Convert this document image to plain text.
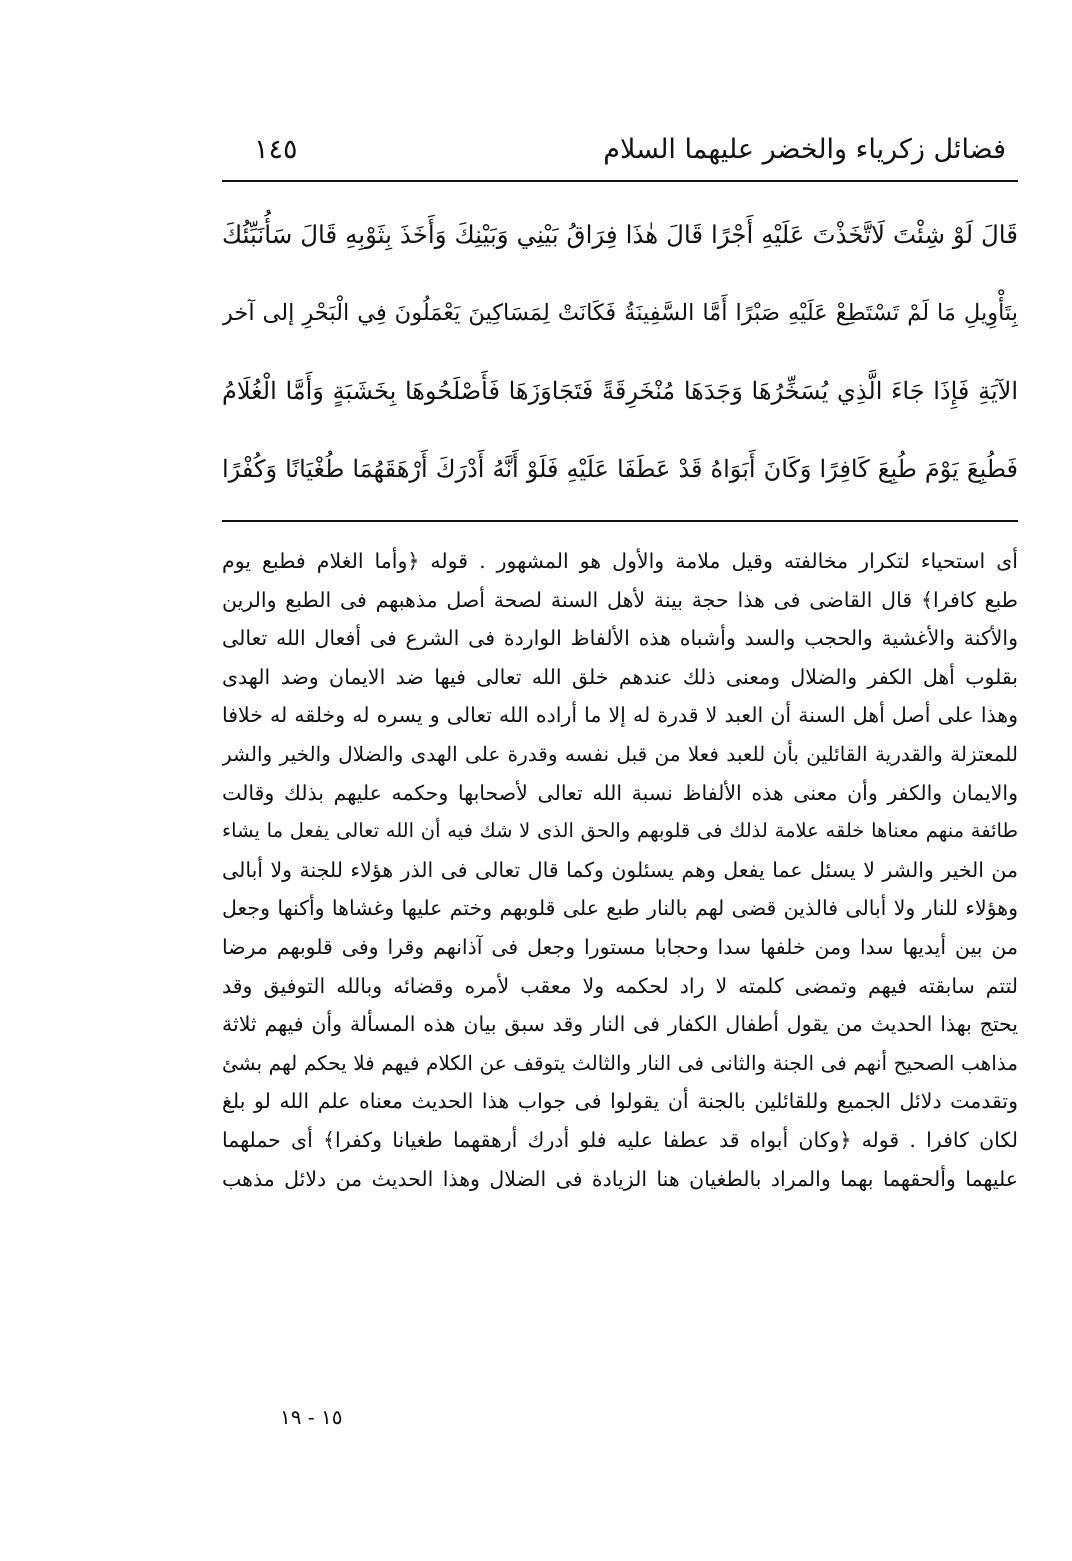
فضائل زكرياء والخضر عليهما السلام
١٤٥
قَالَ لَوْ شِئْتَ لَاتَّخَذْتَ عَلَيْهِ أَجْرًا قَالَ هٰذَا فِرَاقُ بَيْنِي وَبَيْنِكَ وَأَخَذَ بِثَوْبِهِ قَالَ سَأُنَبِّئُكَ
بِتَأْوِيلِ مَا لَمْ تَسْتَطِعْ عَلَيْهِ صَبْرًا أَمَّا السَّفِينَةُ فَكَانَتْ لِمَسَاكِينَ يَعْمَلُونَ فِي الْبَحْرِ إلى آخر
الآيَةِ فَإِذَا جَاءَ الَّذِي يُسَخِّرُهَا وَجَدَهَا مُنْخَرِقَةً فَتَجَاوَزَهَا فَأَصْلَحُوهَا بِخَشَبَةٍ وَأَمَّا الْغُلَامُ
فَطُبِعَ يَوْمَ طُبِعَ كَافِرًا وَكَانَ أَبَوَاهُ قَدْ عَطَفَا عَلَيْهِ فَلَوْ أَنَّهُ أَدْرَكَ أَرْهَقَهُمَا طُغْيَانًا وَكُفْرًا
أى استحياء لتكرار مخالفته وقيل ملامة والأول هو المشهور . قوله ﴿وأما الغلام فطبع يوم
طبع كافرا﴾ قال القاضى فى هذا حجة بينة لأهل السنة لصحة أصل مذهبهم فى الطبع والرين
والأكنة والأغشية والحجب والسد وأشباه هذه الألفاظ الواردة فى الشرع فى أفعال الله تعالى
بقلوب أهل الكفر والضلال ومعنى ذلك عندهم خلق الله تعالى فيها ضد الايمان وضد الهدى
وهذا على أصل أهل السنة أن العبد لا قدرة له إلا ما أراده الله تعالى و يسره له وخلقه له خلافا
للمعتزلة والقدرية القائلين بأن للعبد فعلا من قبل نفسه وقدرة على الهدى والضلال والخير والشر
والايمان والكفر وأن معنى هذه الألفاظ نسبة الله تعالى لأصحابها وحكمه عليهم بذلك وقالت
طائفة منهم معناها خلقه علامة لذلك فى قلوبهم والحق الذى لا شك فيه أن الله تعالى يفعل ما يشاء
من الخير والشر لا يسئل عما يفعل وهم يسئلون وكما قال تعالى فى الذر هؤلاء للجنة ولا أبالى
وهؤلاء للنار ولا أبالى فالذين قضى لهم بالنار طبع على قلوبهم وختم عليها وغشاها وأكنها وجعل
من بين أيديها سدا ومن خلفها سدا وحجابا مستورا وجعل فى آذانهم وقرا وفى قلوبهم مرضا
لتتم سابقته فيهم وتمضى كلمته لا راد لحكمه ولا معقب لأمره وقضائه وبالله التوفيق وقد
يحتج بهذا الحديث من يقول أطفال الكفار فى النار وقد سبق بيان هذه المسألة وأن فيهم ثلاثة
مذاهب الصحيح أنهم فى الجنة والثانى فى النار والثالث يتوقف عن الكلام فيهم فلا يحكم لهم بشئ
وتقدمت دلائل الجميع وللقائلين بالجنة أن يقولوا فى جواب هذا الحديث معناه علم الله لو بلغ
لكان كافرا . قوله ﴿وكان أبواه قد عطفا عليه فلو أدرك أرهقهما طغيانا وكفرا﴾ أى حملهما
عليهما وألحقهما بهما والمراد بالطغيان هنا الزيادة فى الضلال وهذا الحديث من دلائل مذهب
١٥ - ١٩
